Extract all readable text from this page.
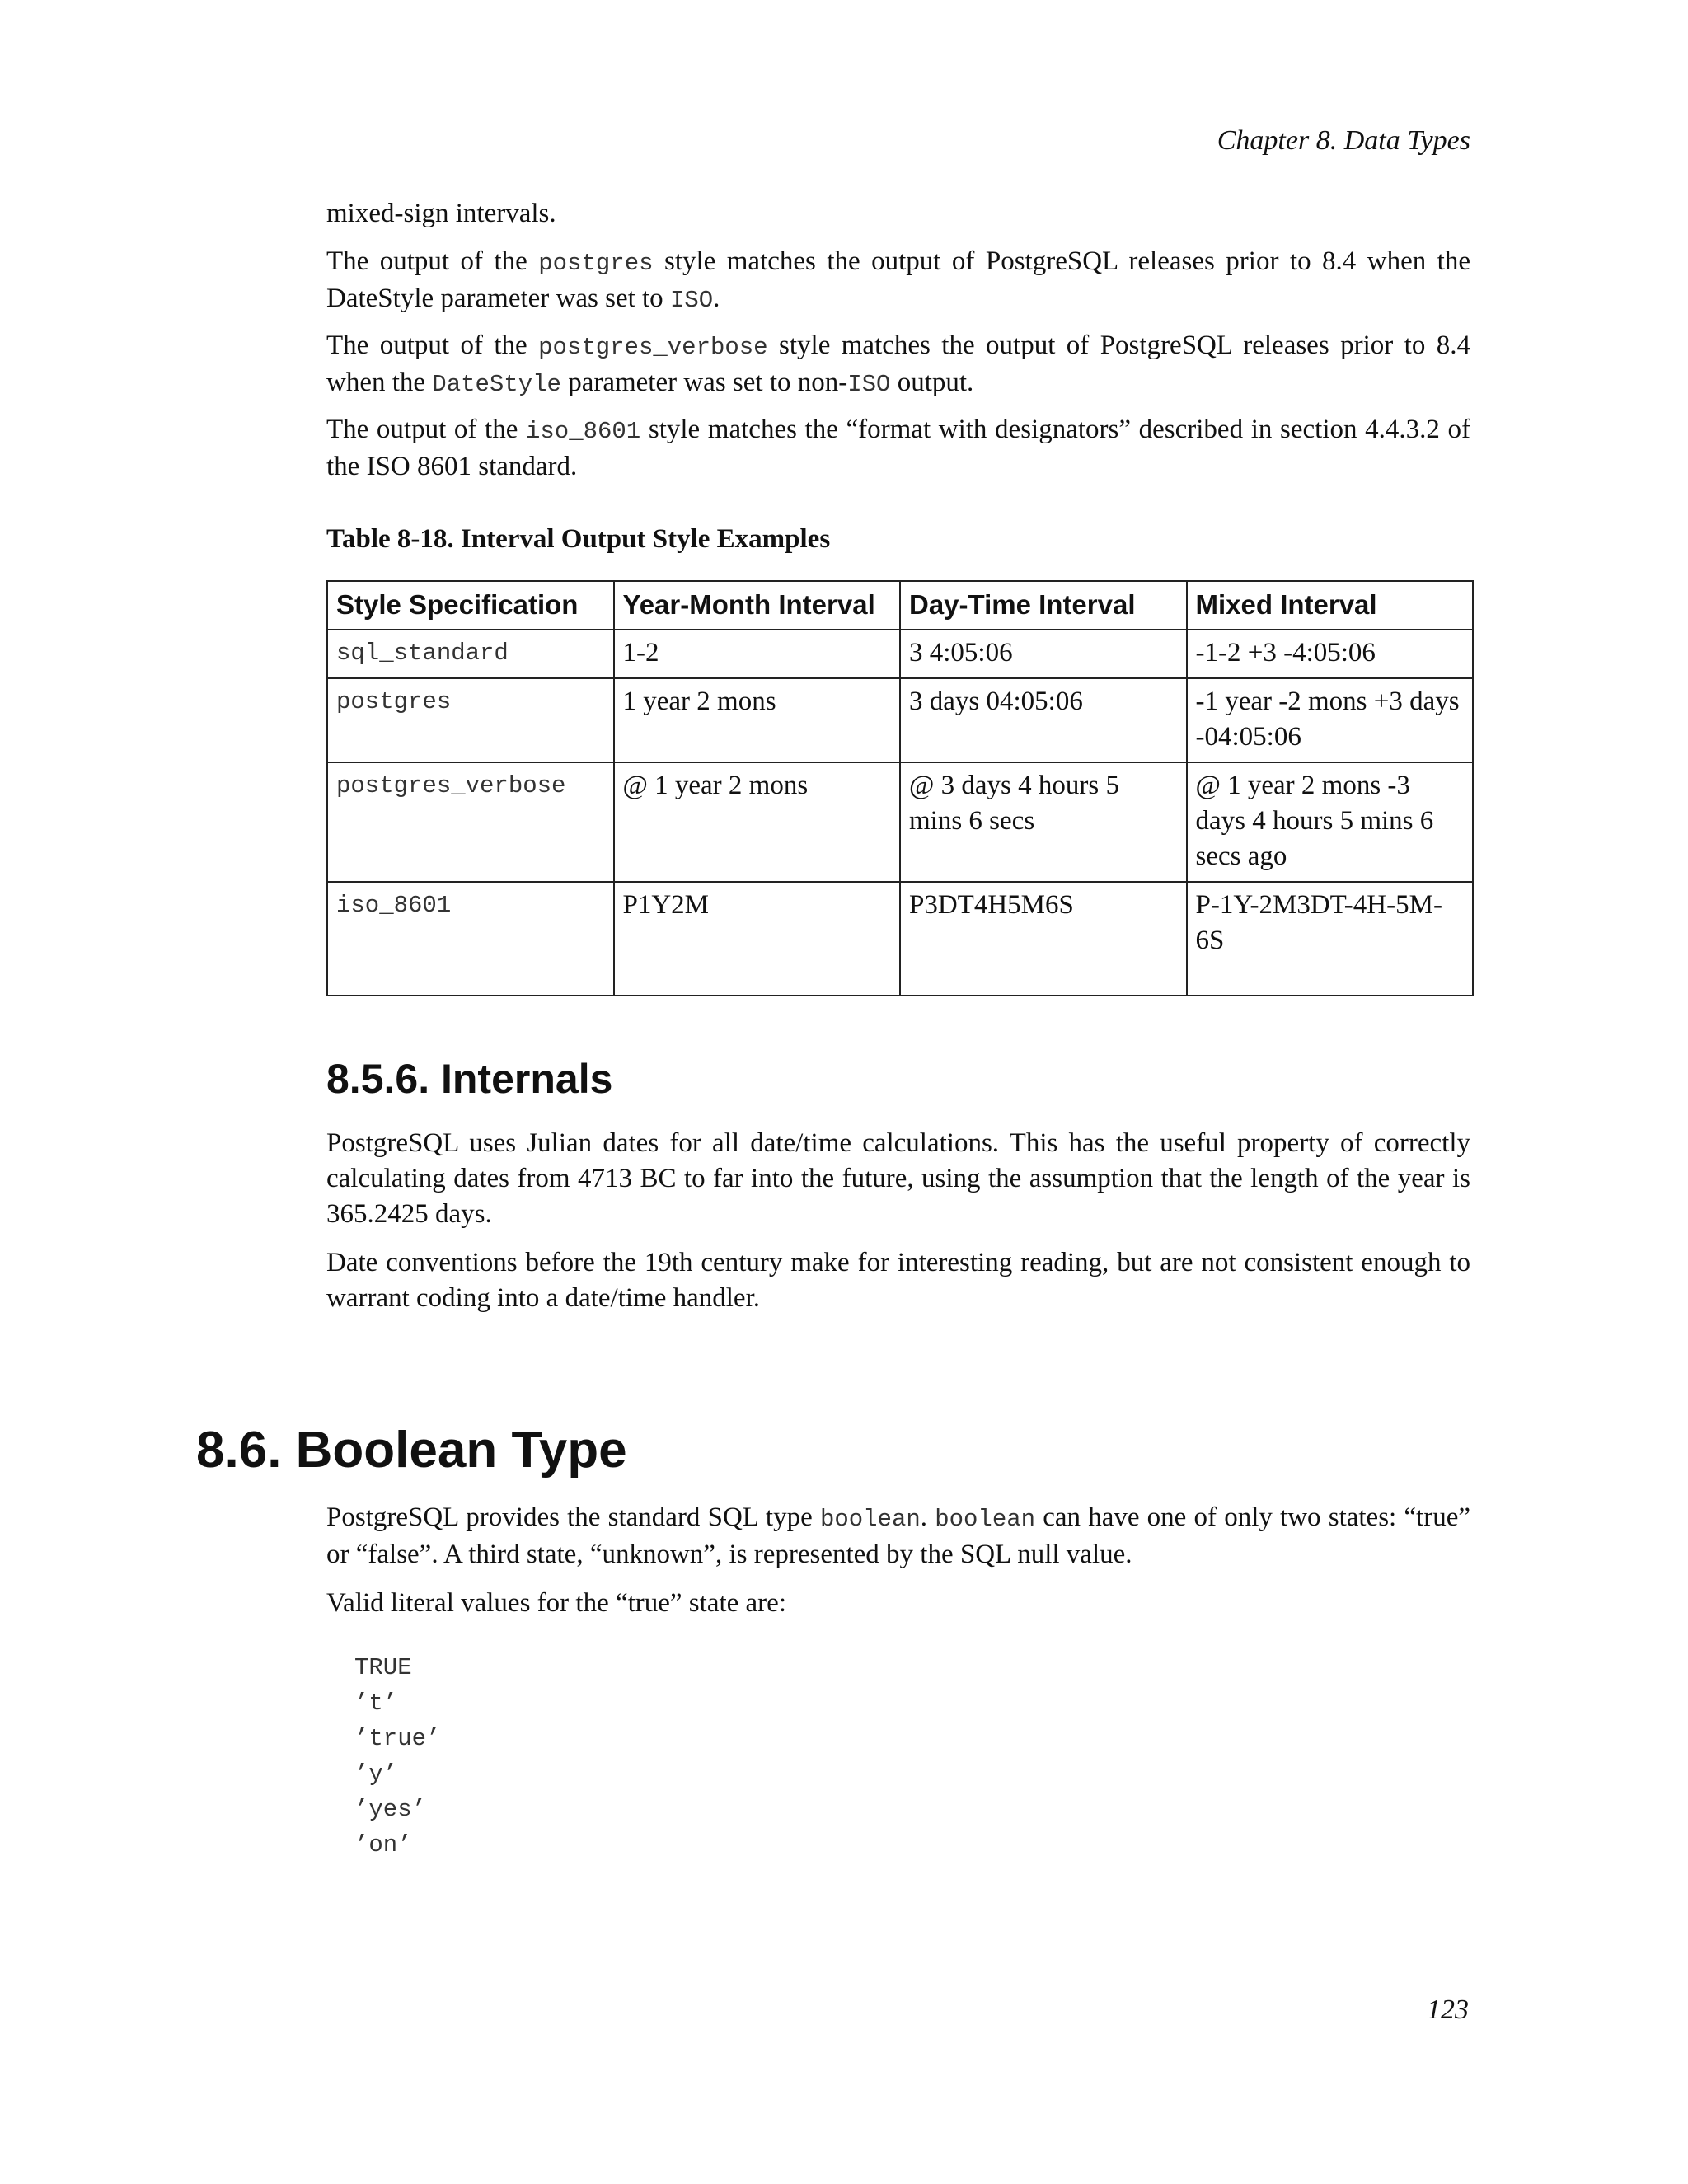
Chapter 8. Data Types

mixed-sign intervals.

The output of the postgres style matches the output of PostgreSQL releases prior to 8.4 when the DateStyle parameter was set to ISO.

The output of the postgres_verbose style matches the output of PostgreSQL releases prior to 8.4 when the DateStyle parameter was set to non-ISO output.

The output of the iso_8601 style matches the “format with designators” described in section 4.4.3.2 of the ISO 8601 standard.

Table 8-18. Interval Output Style Examples
Style Specification	Year-Month Interval	Day-Time Interval	Mixed Interval
sql_standard	1-2	3 4:05:06	-1-2 +3 -4:05:06
postgres	1 year 2 mons	3 days 04:05:06	-1 year -2 mons +3 days -04:05:06
postgres_verbose	@ 1 year 2 mons	@ 3 days 4 hours 5 mins 6 secs	@ 1 year 2 mons -3 days 4 hours 5 mins 6 secs ago
iso_8601	P1Y2M	P3DT4H5M6S	P-1Y-2M3DT-4H-5M-6S
8.5.6. Internals

PostgreSQL uses Julian dates for all date/time calculations. This has the useful property of correctly calculating dates from 4713 BC to far into the future, using the assumption that the length of the year is 365.2425 days.

Date conventions before the 19th century make for interesting reading, but are not consistent enough to warrant coding into a date/time handler.

8.6. Boolean Type

PostgreSQL provides the standard SQL type boolean. boolean can have one of only two states: “true” or “false”. A third state, “unknown”, is represented by the SQL null value.

Valid literal values for the “true” state are:

TRUE
’t’
’true’
’y’
’yes’
’on’
123
